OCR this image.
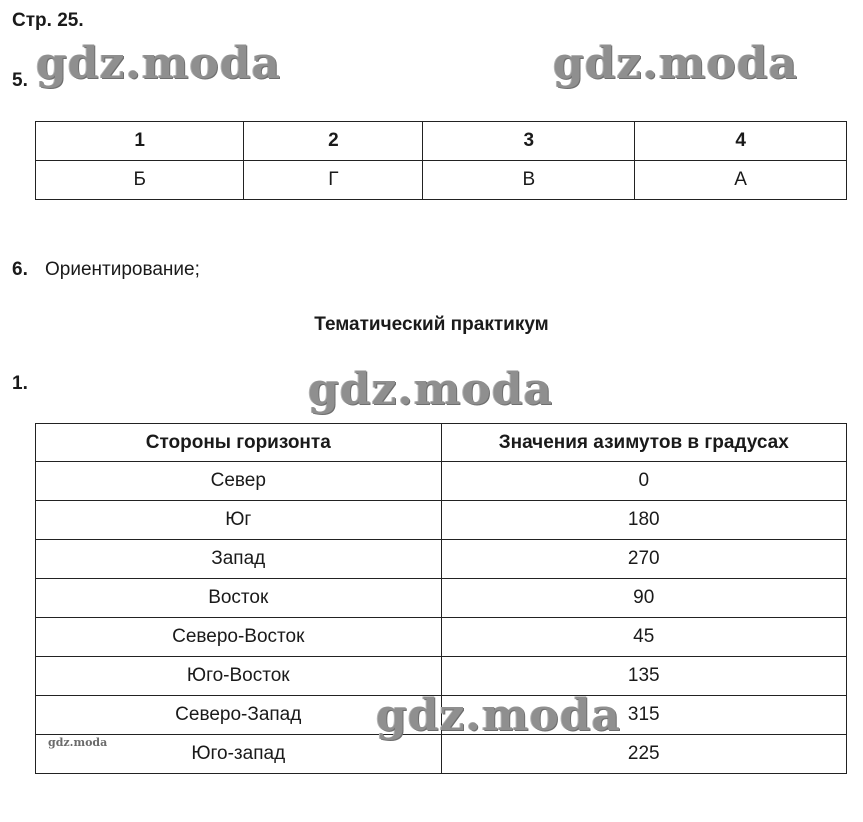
Стр. 25.
gdz.moda	gdz.moda
5.
1	2	3	4
Б	Г	В	А
6. Ориентирование;
Тематический практикум
1.	gdz.moda
Стороны горизонта	Значения азимутов в градусах
Север	0
Юг	180
Запад	270
Восток	90
Северо-Восток	45
Юго-Восток	135
Северо-Запад	315
Юго-запад	225
gdz.moda
gdz.moda
